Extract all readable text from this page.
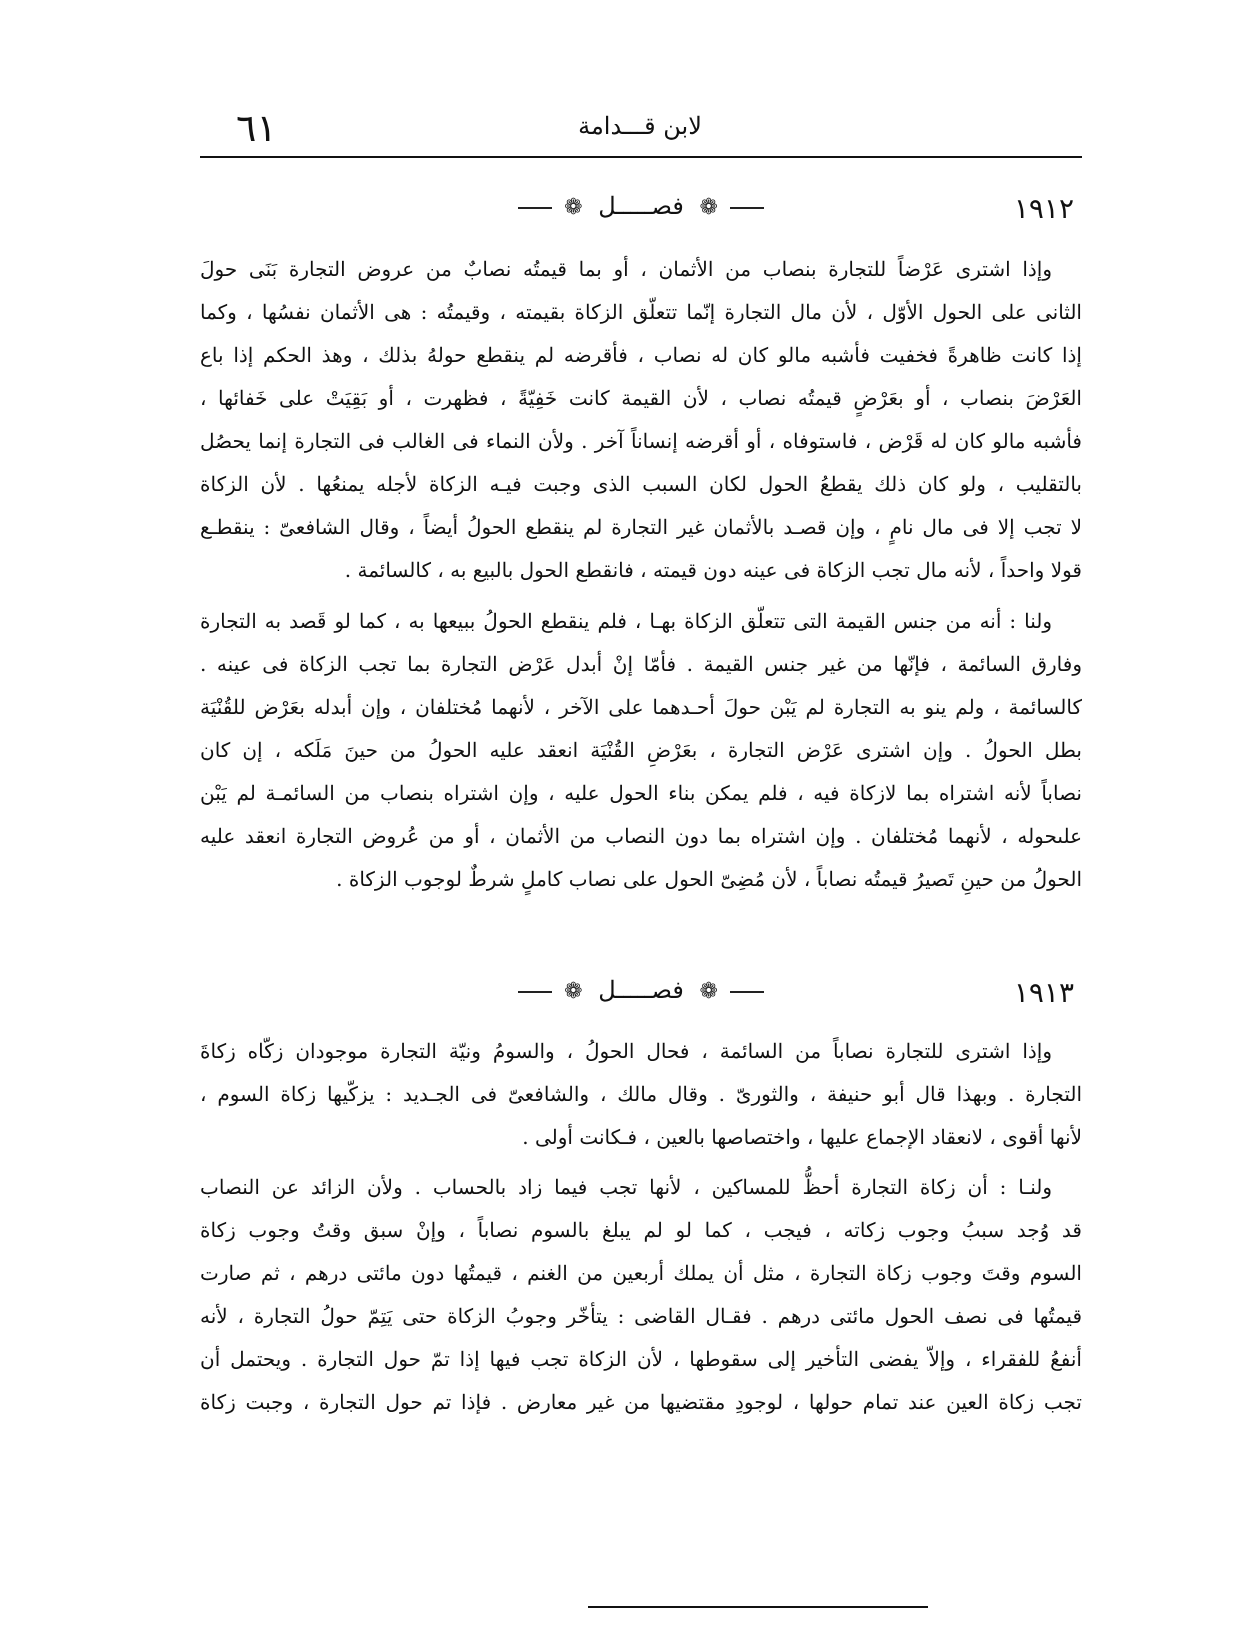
٦١	لابن قـــدامة
١٩١٢
❁ فصـــــل ❁
وإذا اشترى عَرْضاً للتجارة بنصاب من الأثمان ، أو بما قيمتُه نصابٌ من عروض التجارة بَنَى حولَ
الثانى على الحول الأوّل ، لأن مال التجارة إنّما تتعلّق الزكاة بقيمته ، وقيمتُه : هى الأثمان نفسُها ، وكما
إذا كانت ظاهرةً فخفيت فأشبه مالو كان له نصاب ، فأقرضه لم ينقطع حولهُ بذلك ، وهذ الحكم إذا باع
العَرْضَ بنصاب ، أو بعَرْضٍ قيمتُه نصاب ، لأن القيمة كانت خَفِيّةً ، فظهرت ، أو بَقِيَتْ على خَفائها ،
فأشبه مالو كان له قَرْض ، فاستوفاه ، أو أقرضه إنساناً آخر . ولأن النماء فى الغالب فى التجارة إنما يحصُل
بالتقليب ، ولو كان ذلك يقطعُ الحول لكان السبب الذى وجبت فيـه الزكاة لأجله يمنعُها . لأن الزكاة
لا تجب إلا فى مال نامٍ ، وإن قصـد بالأثمان غير التجارة لم ينقطع الحولُ أيضاً ، وقال الشافعىّ : ينقطـع
قولا واحداً ، لأنه مال تجب الزكاة فى عينه دون قيمته ، فانقطع الحول بالبيع به ، كالسائمة .
ولنا : أنه من جنس القيمة التى تتعلّق الزكاة بهـا ، فلم ينقطع الحولُ ببيعها به ، كما لو قَصد به التجارة
وفارق السائمة ، فإنّها من غير جنس القيمة . فأمّا إنْ أبدل عَرْض التجارة بما تجب الزكاة فى عينه .
كالسائمة ، ولم ينو به التجارة لم يَبْن حولَ أحـدهما على الآخر ، لأنهما مُختلفان ، وإن أبدله بعَرْض للقُنْيَة
بطل الحولُ . وإن اشترى عَرْض التجارة ، بعَرْضِ القُنْيَة انعقد عليه الحولُ من حينَ مَلَكه ، إن كان
نصاباً لأنه اشتراه بما لازكاة فيه ، فلم يمكن بناء الحول عليه ، وإن اشتراه بنصاب من السائمـة لم يَبْن
علىحوله ، لأنهما مُختلفان . وإن اشتراه بما دون النصاب من الأثمان ، أو من عُروض التجارة انعقد عليه
الحولُ من حينِ تَصيرُ قيمتُه نصاباً ، لأن مُضِىّ الحول على نصاب كاملٍ شرطٌ لوجوب الزكاة .
١٩١٣
❁ فصـــــل ❁
وإذا اشترى للتجارة نصاباً من السائمة ، فحال الحولُ ، والسومُ ونيّة التجارة موجودان زكّاه زكاةَ
التجارة . وبهذا قال أبو حنيفة ، والثورىّ . وقال مالك ، والشافعىّ فى الجـديد : يزكّيها زكاة السوم ،
لأنها أقوى ، لانعقاد الإجماع عليها ، واختصاصها بالعين ، فـكانت أولى .
ولنـا : أن زكاة التجارة أحظُّ للمساكين ، لأنها تجب فيما زاد بالحساب . ولأن الزائد عن النصاب
قد وُجد سببُ وجوب زكاته ، فيجب ، كما لو لم يبلغ بالسوم نصاباً ، وإنْ سبق وقتُ وجوب زكاة
السوم وقتَ وجوب زكاة التجارة ، مثل أن يملك أربعين من الغنم ، قيمتُها دون مائتى درهم ، ثم صارت
قيمتُها فى نصف الحول مائتى درهم . فقـال القاضى : يتأخّر وجوبُ الزكاة حتى يَتِمّ حولُ التجارة ، لأنه
أنفعُ للفقراء ، وإلاّ يفضى التأخير إلى سقوطها ، لأن الزكاة تجب فيها إذا تمّ حول التجارة . ويحتمل أن
تجب زكاة العين عند تمام حولها ، لوجودِ مقتضيها من غير معارض . فإذا تم حول التجارة ، وجبت زكاة
